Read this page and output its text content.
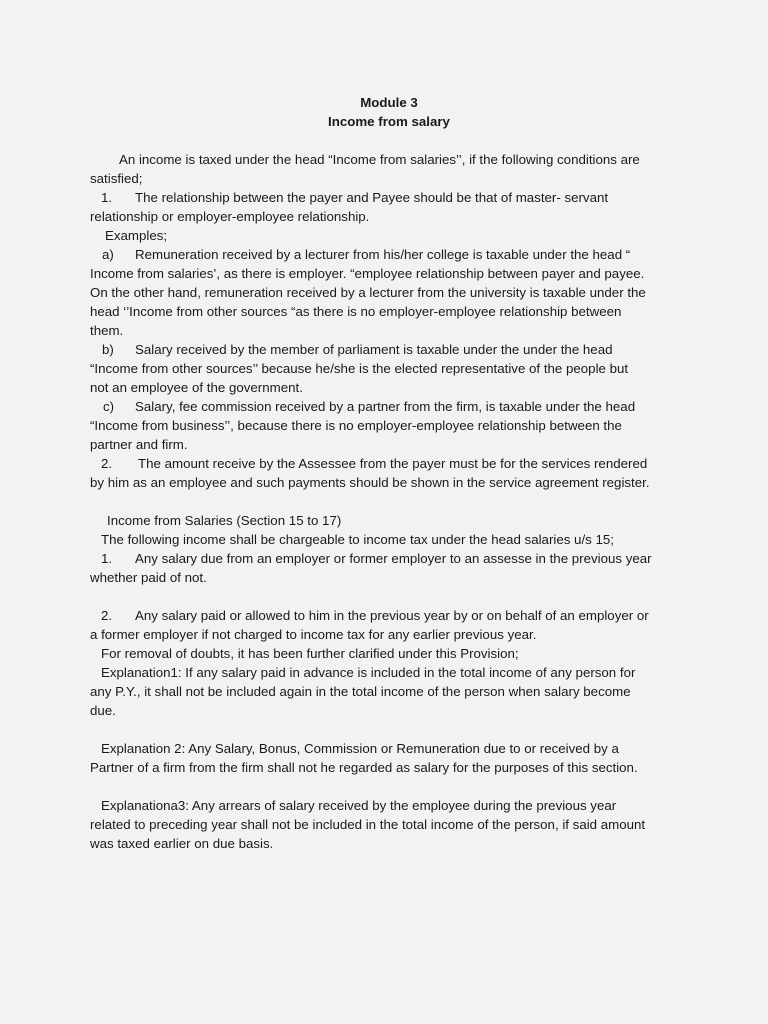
Module 3
Income from salary
An income is taxed under the head “Income from salaries’’, if the following conditions are
satisfied;
1. The relationship between the payer and Payee should be that of master- servant
relationship or employer-employee relationship.
Examples;
a) Remuneration received by a lecturer from his/her college is taxable under the head “
Income from salaries’, as there is employer. “employee relationship between payer and payee.
On the other hand, remuneration received by a lecturer from the university is taxable under the
head ‘’Income from other sources “as there is no employer-employee relationship between
them.
b) Salary received by the member of parliament is taxable under the under the head
“Income from other sources’’ because he/she is the elected representative of the people but
not an employee of the government.
c) Salary, fee commission received by a partner from the firm, is taxable under the head
“Income from business’’, because there is no employer-employee relationship between the
partner and firm.
2. The amount receive by the Assessee from the payer must be for the services rendered
by him as an employee and such payments should be shown in the service agreement register.
Income from Salaries (Section 15 to 17)
The following income shall be chargeable to income tax under the head salaries u/s 15;
1. Any salary due from an employer or former employer to an assesse in the previous year
whether paid of not.
2. Any salary paid or allowed to him in the previous year by or on behalf of an employer or
a former employer if not charged to income tax for any earlier previous year.
For removal of doubts, it has been further clarified under this Provision;
Explanation1: If any salary paid in advance is included in the total income of any person for
any P.Y., it shall not be included again in the total income of the person when salary become
due.
Explanation 2: Any Salary, Bonus, Commission or Remuneration due to or received by a
Partner of a firm from the firm shall not he regarded as salary for the purposes of this section.
Explanationa3: Any arrears of salary received by the employee during the previous year
related to preceding year shall not be included in the total income of the person, if said amount
was taxed earlier on due basis.
